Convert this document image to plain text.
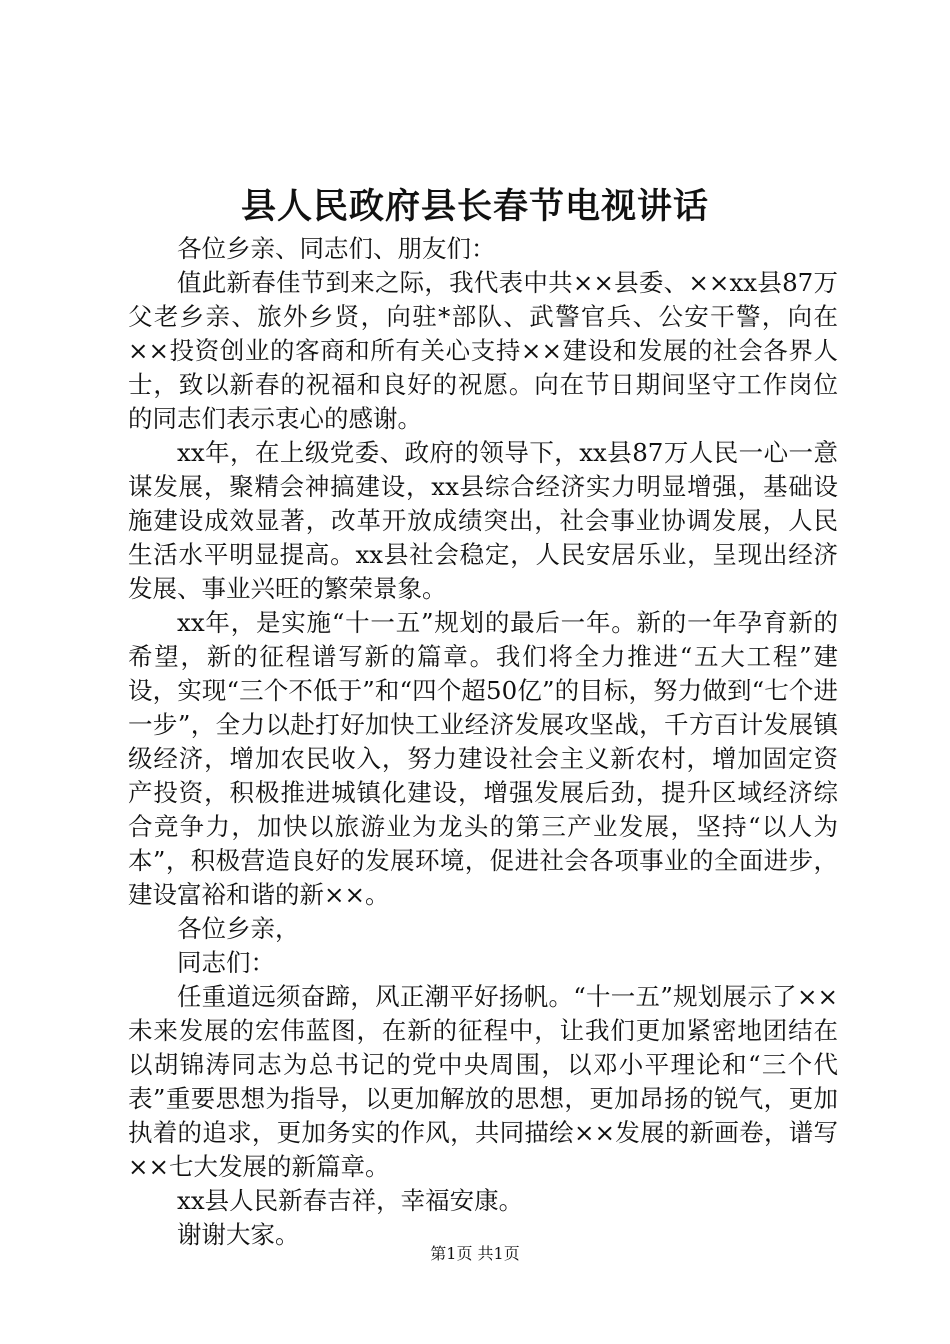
县人民政府县长春节电视讲话

各位乡亲、同志们、朋友们：

值此新春佳节到来之际，我代表中共××县委、××xx县87万父老乡亲、旅外乡贤，向驻*部队、武警官兵、公安干警，向在××投资创业的客商和所有关心支持××建设和发展的社会各界人士，致以新春的祝福和良好的祝愿。向在节日期间坚守工作岗位的同志们表示衷心的感谢。

xx年，在上级党委、政府的领导下，xx县87万人民一心一意谋发展，聚精会神搞建设，xx县综合经济实力明显增强，基础设施建设成效显著，改革开放成绩突出，社会事业协调发展，人民生活水平明显提高。xx县社会稳定，人民安居乐业，呈现出经济发展、事业兴旺的繁荣景象。

xx年，是实施“十一五”规划的最后一年。新的一年孕育新的希望，新的征程谱写新的篇章。我们将全力推进“五大工程”建设，实现“三个不低于”和“四个超50亿”的目标，努力做到“七个进一步”，全力以赴打好加快工业经济发展攻坚战，千方百计发展镇级经济，增加农民收入，努力建设社会主义新农村，增加固定资产投资，积极推进城镇化建设，增强发展后劲，提升区域经济综合竞争力，加快以旅游业为龙头的第三产业发展，坚持“以人为本”，积极营造良好的发展环境，促进社会各项事业的全面进步，建设富裕和谐的新××。

各位乡亲，

同志们：

任重道远须奋蹄，风正潮平好扬帆。“十一五”规划展示了××未来发展的宏伟蓝图，在新的征程中，让我们更加紧密地团结在以胡锦涛同志为总书记的党中央周围，以邓小平理论和“三个代表”重要思想为指导，以更加解放的思想，更加昂扬的锐气，更加执着的追求，更加务实的作风，共同描绘××发展的新画卷，谱写××七大发展的新篇章。

xx县人民新春吉祥，幸福安康。

谢谢大家。

第1页 共1页
